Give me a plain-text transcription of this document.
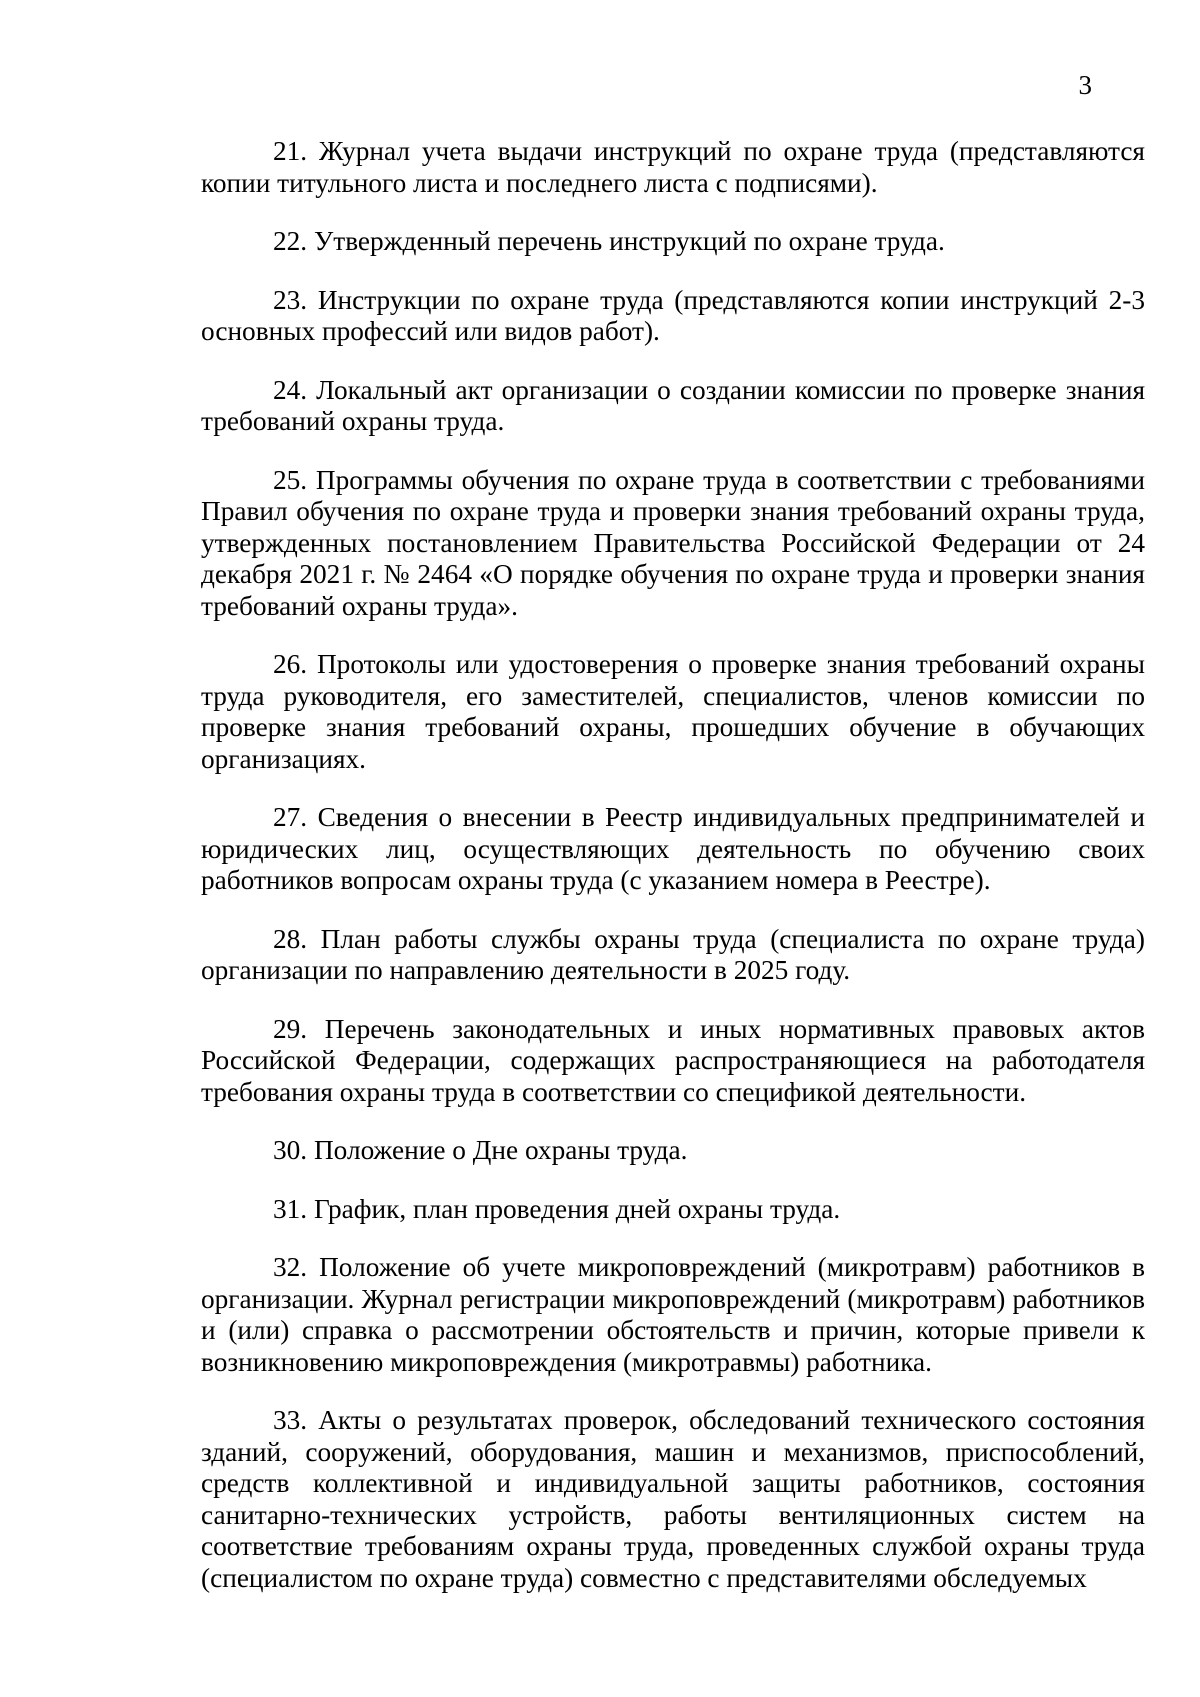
3

21. Журнал учета выдачи инструкций по охране труда (представляются копии титульного листа и последнего листа с подписями).

22. Утвержденный перечень инструкций по охране труда.

23. Инструкции по охране труда (представляются копии инструкций 2-3 основных профессий или видов работ).

24. Локальный акт организации о создании комиссии по проверке знания требований охраны труда.

25. Программы обучения по охране труда в соответствии с требованиями Правил обучения по охране труда и проверки знания требований охраны труда, утвержденных постановлением Правительства Российской Федерации от 24 декабря 2021 г. № 2464 «О порядке обучения по охране труда и проверки знания требований охраны труда».

26. Протоколы или удостоверения о проверке знания требований охраны труда руководителя, его заместителей, специалистов, членов комиссии по проверке знания требований охраны, прошедших обучение в обучающих организациях.

27. Сведения о внесении в Реестр индивидуальных предпринимателей и юридических лиц, осуществляющих деятельность по обучению своих работников вопросам охраны труда (с указанием номера в Реестре).

28. План работы службы охраны труда (специалиста по охране труда) организации по направлению деятельности в 2025 году.

29. Перечень законодательных и иных нормативных правовых актов Российской Федерации, содержащих распространяющиеся на работодателя требования охраны труда в соответствии со спецификой деятельности.

30. Положение о Дне охраны труда.

31. График, план проведения дней охраны труда.

32. Положение об учете микроповреждений (микротравм) работников в организации. Журнал регистрации микроповреждений (микротравм) работников и (или) справка о рассмотрении обстоятельств и причин, которые привели к возникновению микроповреждения (микротравмы) работника.

33. Акты о результатах проверок, обследований технического состояния зданий, сооружений, оборудования, машин и механизмов, приспособлений, средств коллективной и индивидуальной защиты работников, состояния санитарно-технических устройств, работы вентиляционных систем на соответствие требованиям охраны труда, проведенных службой охраны труда (специалистом по охране труда) совместно с представителями обследуемых
